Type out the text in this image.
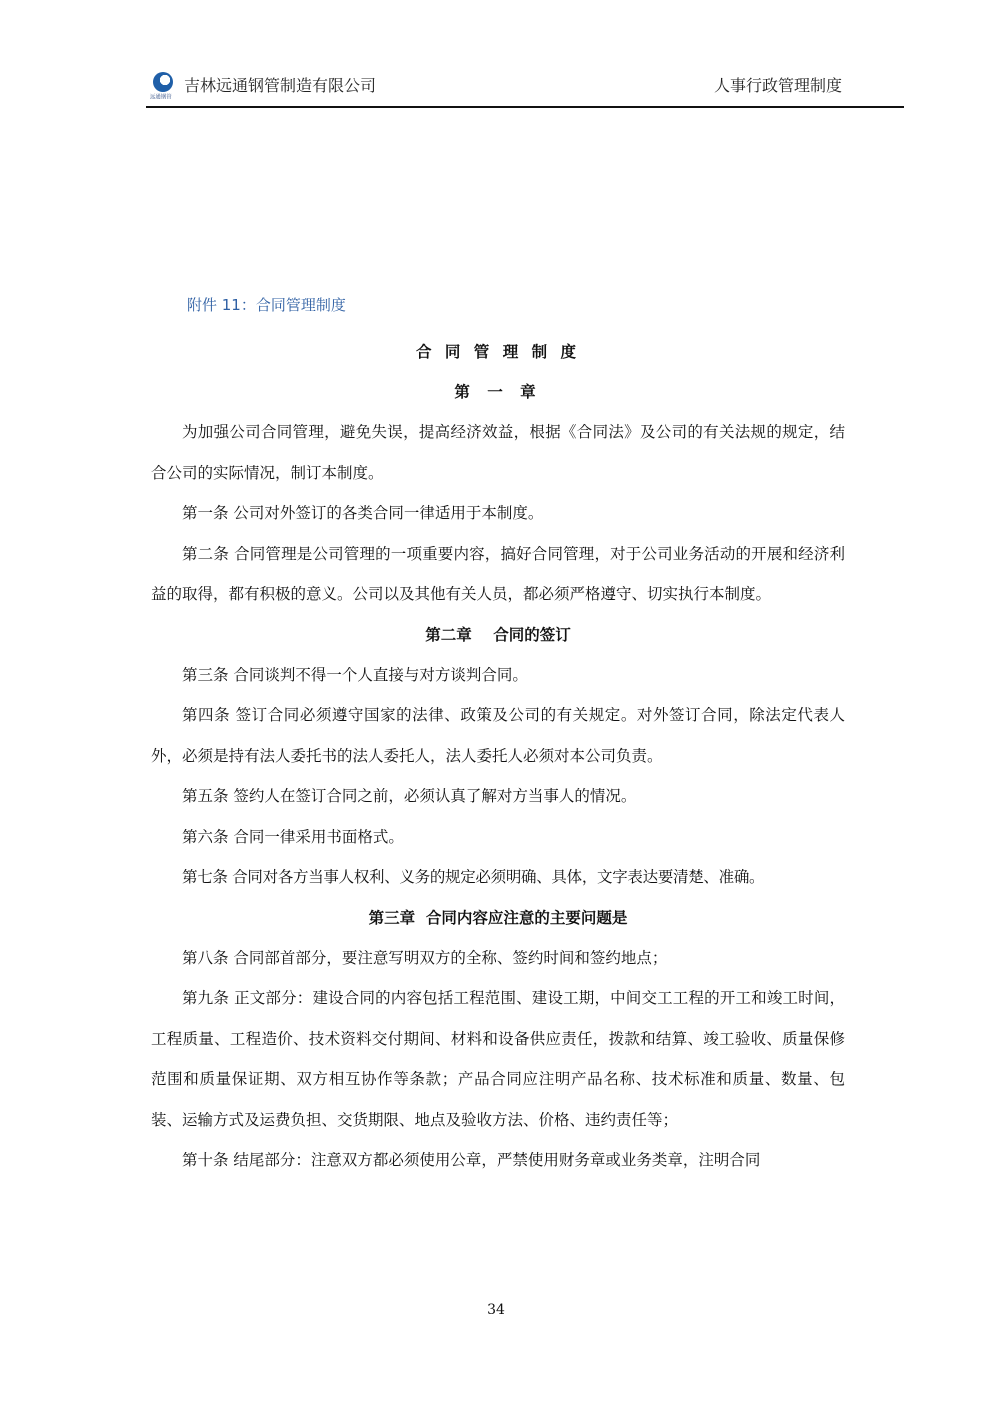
远通钢管
吉林远通钢管制造有限公司	人事行政管理制度
附件 11：合同管理制度

合 同 管 理 制 度

第 一 章

为加强公司合同管理，避免失误，提高经济效益，根据《合同法》及公司的有关法规的规定，结合公司的实际情况，制订本制度。

第一条 公司对外签订的各类合同一律适用于本制度。

第二条 合同管理是公司管理的一项重要内容，搞好合同管理，对于公司业务活动的开展和经济利益的取得，都有积极的意义。公司以及其他有关人员，都必须严格遵守、切实执行本制度。

第二章    合同的签订

第三条 合同谈判不得一个人直接与对方谈判合同。

第四条 签订合同必须遵守国家的法律、政策及公司的有关规定。对外签订合同，除法定代表人外，必须是持有法人委托书的法人委托人，法人委托人必须对本公司负责。

第五条 签约人在签订合同之前，必须认真了解对方当事人的情况。

第六条 合同一律采用书面格式。

第七条 合同对各方当事人权利、义务的规定必须明确、具体，文字表达要清楚、准确。

第三章  合同内容应注意的主要问题是

第八条 合同部首部分，要注意写明双方的全称、签约时间和签约地点；

第九条 正文部分：建设合同的内容包括工程范围、建设工期，中间交工工程的开工和竣工时间，工程质量、工程造价、技术资料交付期间、材料和设备供应责任，拨款和结算、竣工验收、质量保修范围和质量保证期、双方相互协作等条款；产品合同应注明产品名称、技术标准和质量、数量、包装、运输方式及运费负担、交货期限、地点及验收方法、价格、违约责任等；

第十条 结尾部分：注意双方都必须使用公章，严禁使用财务章或业务类章，注明合同

34
